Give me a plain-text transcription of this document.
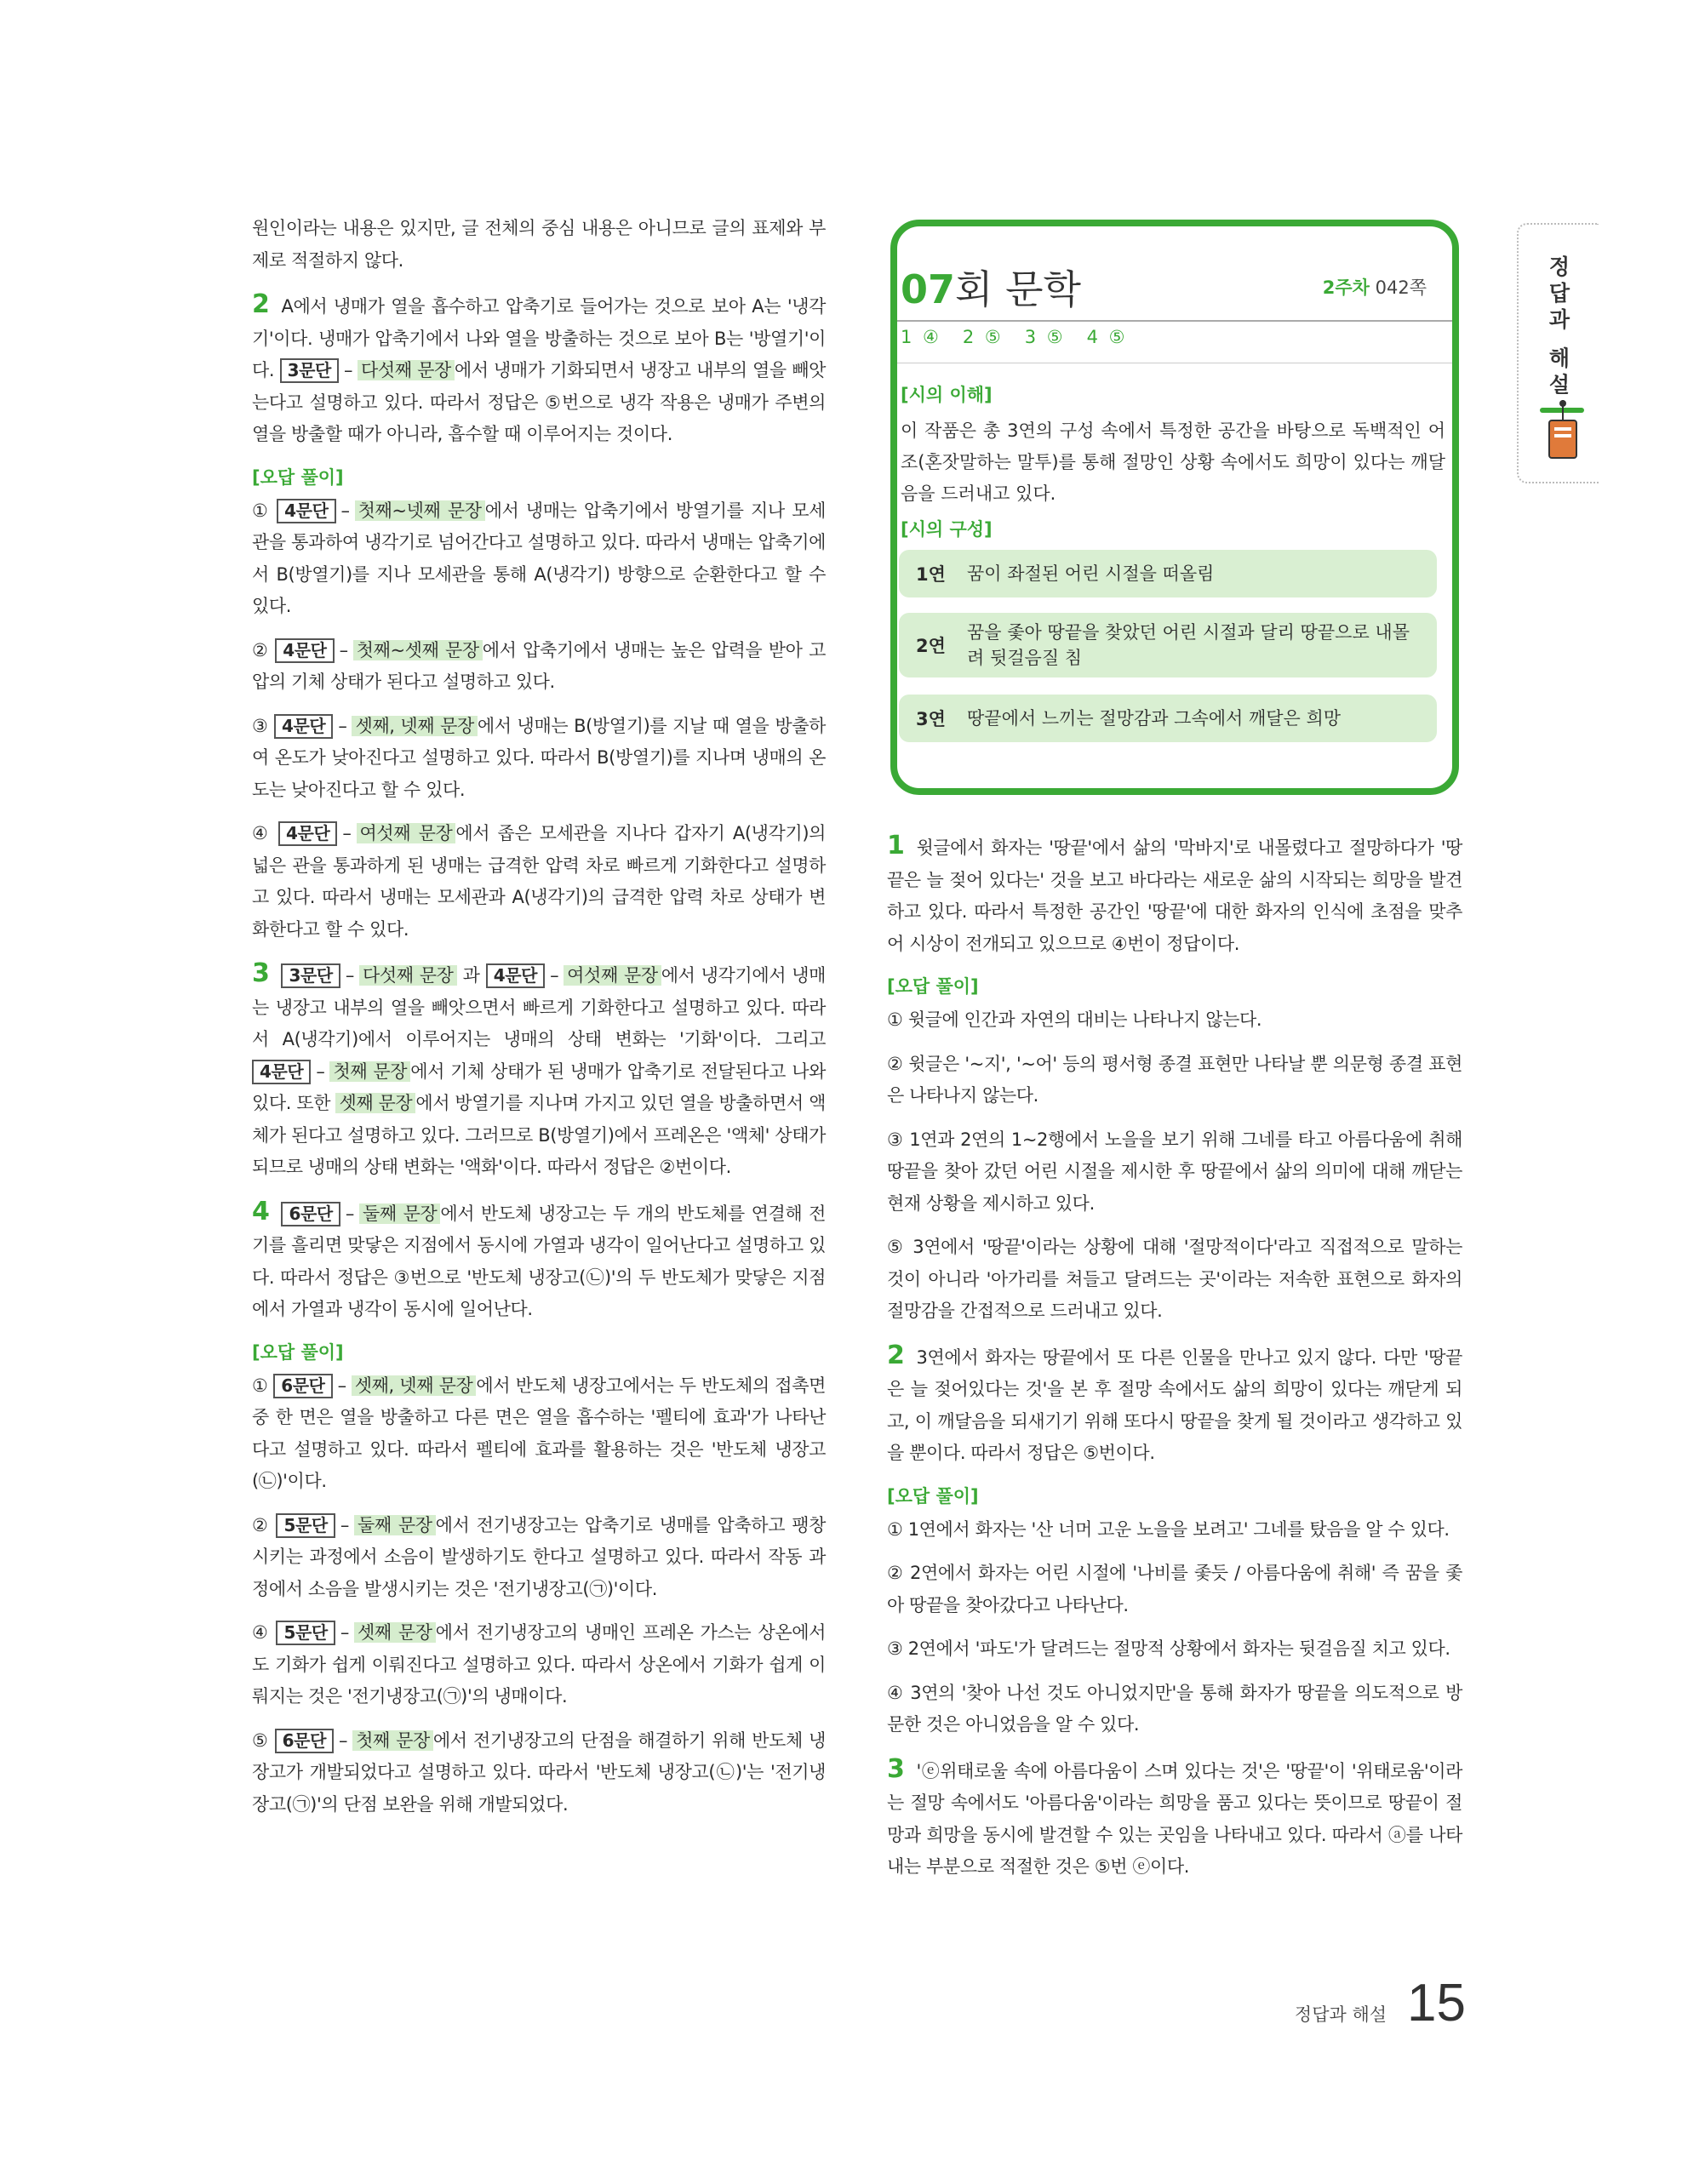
원인이라는 내용은 있지만, 글 전체의 중심 내용은 아니므로 글의 표제와 부제로 적절하지 않다.

2 A에서 냉매가 열을 흡수하고 압축기로 들어가는 것으로 보아 A는 '냉각기'이다. 냉매가 압축기에서 나와 열을 방출하는 것으로 보아 B는 '방열기'이다. 3문단 – 다섯째 문장 에서 냉매가 기화되면서 냉장고 내부의 열을 빼앗는다고 설명하고 있다. 따라서 정답은 ⑤번으로 냉각 작용은 냉매가 주변의 열을 방출할 때가 아니라, 흡수할 때 이루어지는 것이다.

[오답 풀이]

① 4문단 – 첫째~넷째 문장 에서 냉매는 압축기에서 방열기를 지나 모세관을 통과하여 냉각기로 넘어간다고 설명하고 있다. 따라서 냉매는 압축기에서 B(방열기)를 지나 모세관을 통해 A(냉각기) 방향으로 순환한다고 할 수 있다.

② 4문단 – 첫째~셋째 문장 에서 압축기에서 냉매는 높은 압력을 받아 고압의 기체 상태가 된다고 설명하고 있다.

③ 4문단 – 셋째, 넷째 문장 에서 냉매는 B(방열기)를 지날 때 열을 방출하여 온도가 낮아진다고 설명하고 있다. 따라서 B(방열기)를 지나며 냉매의 온도는 낮아진다고 할 수 있다.

④ 4문단 – 여섯째 문장 에서 좁은 모세관을 지나다 갑자기 A(냉각기)의 넓은 관을 통과하게 된 냉매는 급격한 압력 차로 빠르게 기화한다고 설명하고 있다. 따라서 냉매는 모세관과 A(냉각기)의 급격한 압력 차로 상태가 변화한다고 할 수 있다.

3 3문단 – 다섯째 문장 과 4문단 – 여섯째 문장 에서 냉각기에서 냉매는 냉장고 내부의 열을 빼앗으면서 빠르게 기화한다고 설명하고 있다. 따라서 A(냉각기)에서 이루어지는 냉매의 상태 변화는 '기화'이다. 그리고 4문단 – 첫째 문장 에서 기체 상태가 된 냉매가 압축기로 전달된다고 나와 있다. 또한 셋째 문장 에서 방열기를 지나며 가지고 있던 열을 방출하면서 액체가 된다고 설명하고 있다. 그러므로 B(방열기)에서 프레온은 '액체' 상태가 되므로 냉매의 상태 변화는 '액화'이다. 따라서 정답은 ②번이다.

4 6문단 – 둘째 문장 에서 반도체 냉장고는 두 개의 반도체를 연결해 전기를 흘리면 맞닿은 지점에서 동시에 가열과 냉각이 일어난다고 설명하고 있다. 따라서 정답은 ③번으로 '반도체 냉장고(㉡)'의 두 반도체가 맞닿은 지점에서 가열과 냉각이 동시에 일어난다.

[오답 풀이]

① 6문단 – 셋째, 넷째 문장 에서 반도체 냉장고에서는 두 반도체의 접촉면 중 한 면은 열을 방출하고 다른 면은 열을 흡수하는 '펠티에 효과'가 나타난다고 설명하고 있다. 따라서 펠티에 효과를 활용하는 것은 '반도체 냉장고(㉡)'이다.

② 5문단 – 둘째 문장 에서 전기냉장고는 압축기로 냉매를 압축하고 팽창시키는 과정에서 소음이 발생하기도 한다고 설명하고 있다. 따라서 작동 과정에서 소음을 발생시키는 것은 '전기냉장고(㉠)'이다.

④ 5문단 – 셋째 문장 에서 전기냉장고의 냉매인 프레온 가스는 상온에서도 기화가 쉽게 이뤄진다고 설명하고 있다. 따라서 상온에서 기화가 쉽게 이뤄지는 것은 '전기냉장고(㉠)'의 냉매이다.

⑤ 6문단 – 첫째 문장 에서 전기냉장고의 단점을 해결하기 위해 반도체 냉장고가 개발되었다고 설명하고 있다. 따라서 '반도체 냉장고(㉡)'는 '전기냉장고(㉠)'의 단점 보완을 위해 개발되었다.

07회 문학	2주차 042쪽
1 ④ 2 ⑤ 3 ⑤ 4 ⑤
[시의 이해]
이 작품은 총 3연의 구성 속에서 특정한 공간을 바탕으로 독백적인 어조(혼잣말하는 말투)를 통해 절망인 상황 속에서도 희망이 있다는 깨달음을 드러내고 있다.
[시의 구성]
1연	꿈이 좌절된 어린 시절을 떠올림
2연
꿈을 좇아 땅끝을 찾았던 어린 시절과 달리 땅끝으로 내몰려 뒷걸음질 침
3연	땅끝에서 느끼는 절망감과 그속에서 깨달은 희망

1 윗글에서 화자는 '땅끝'에서 삶의 '막바지'로 내몰렸다고 절망하다가 '땅끝은 늘 젖어 있다는' 것을 보고 바다라는 새로운 삶의 시작되는 희망을 발견하고 있다. 따라서 특정한 공간인 '땅끝'에 대한 화자의 인식에 초점을 맞추어 시상이 전개되고 있으므로 ④번이 정답이다.

[오답 풀이]

① 윗글에 인간과 자연의 대비는 나타나지 않는다.

② 윗글은 '~지', '~어' 등의 평서형 종결 표현만 나타날 뿐 의문형 종결 표현은 나타나지 않는다.

③ 1연과 2연의 1~2행에서 노을을 보기 위해 그네를 타고 아름다움에 취해 땅끝을 찾아 갔던 어린 시절을 제시한 후 땅끝에서 삶의 의미에 대해 깨닫는 현재 상황을 제시하고 있다.

⑤ 3연에서 '땅끝'이라는 상황에 대해 '절망적이다'라고 직접적으로 말하는 것이 아니라 '아가리를 쳐들고 달려드는 곳'이라는 저속한 표현으로 화자의 절망감을 간접적으로 드러내고 있다.

2 3연에서 화자는 땅끝에서 또 다른 인물을 만나고 있지 않다. 다만 '땅끝은 늘 젖어있다는 것'을 본 후 절망 속에서도 삶의 희망이 있다는 깨닫게 되고, 이 깨달음을 되새기기 위해 또다시 땅끝을 찾게 될 것이라고 생각하고 있을 뿐이다. 따라서 정답은 ⑤번이다.

[오답 풀이]

① 1연에서 화자는 '산 너머 고운 노을을 보려고' 그네를 탔음을 알 수 있다.

② 2연에서 화자는 어린 시절에 '나비를 좇듯 / 아름다움에 취해' 즉 꿈을 좇아 땅끝을 찾아갔다고 나타난다.

③ 2연에서 '파도'가 달려드는 절망적 상황에서 화자는 뒷걸음질 치고 있다.

④ 3연의 '찾아 나선 것도 아니었지만'을 통해 화자가 땅끝을 의도적으로 방문한 것은 아니었음을 알 수 있다.

3 'ⓔ위태로울 속에 아름다움이 스며 있다는 것'은 '땅끝'이 '위태로움'이라는 절망 속에서도 '아름다움'이라는 희망을 품고 있다는 뜻이므로 땅끝이 절망과 희망을 동시에 발견할 수 있는 곳임을 나타내고 있다. 따라서 ⓐ를 나타내는 부분으로 적절한 것은 ⑤번 ⓔ이다.

정답과 해설
정답과 해설 15
